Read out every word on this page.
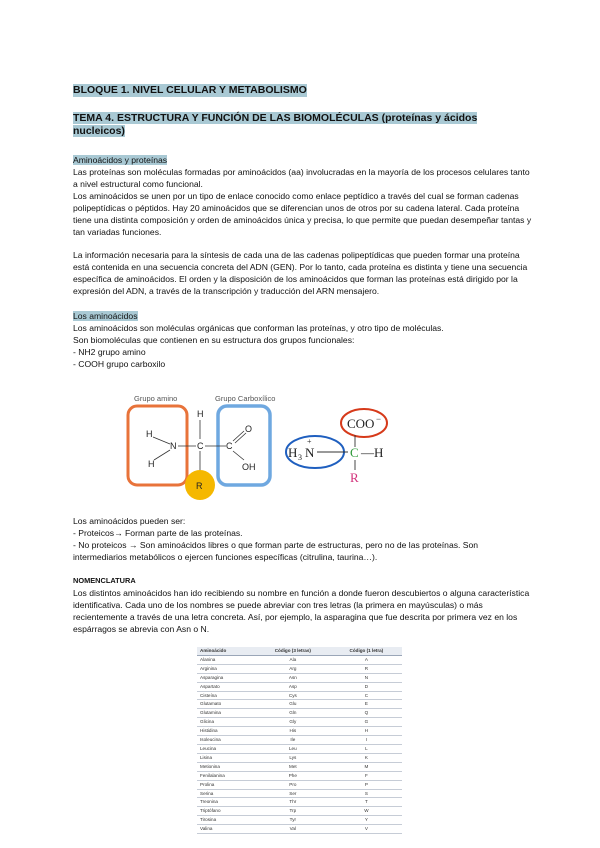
BLOQUE 1. NIVEL CELULAR Y METABOLISMO
TEMA 4. ESTRUCTURA Y FUNCIÓN DE LAS BIOMOLÉCULAS (proteínas y ácidos nucleicos)
Aminoácidos y proteínas

Las proteínas son moléculas formadas por aminoácidos (aa) involucradas en la mayoría de los procesos celulares tanto a nivel estructural como funcional.

Los aminoácidos se unen por un tipo de enlace conocido como enlace peptídico a través del cual se forman cadenas polipeptídicas o péptidos. Hay 20 aminoácidos que se diferencian unos de otros por su cadena lateral. Cada proteína tiene una distinta composición y orden de aminoácidos única y precisa, lo que permite que puedan desempeñar tantas y tan variadas funciones.

La información necesaria para la síntesis de cada una de las cadenas polipeptídicas que pueden formar una proteína está contenida en una secuencia concreta del ADN (GEN). Por lo tanto, cada proteína es distinta y tiene una secuencia específica de aminoácidos. El orden y la disposición de los aminoácidos que forman las proteínas está dirigido por la expresión del ADN, a través de la transcripción y traducción del ARN mensajero.

Los aminoácidos

Los aminoácidos son moléculas orgánicas que conforman las proteínas, y otro tipo de moléculas.

Son biomoléculas que contienen en su estructura dos grupos funcionales:

- NH2 grupo amino

- COOH grupo carboxilo

Grupo amino	Grupo Carboxílico
H
N
H
C
H
C
O
OH
R
COO −
H 3 N
+
C —H
R

Los aminoácidos pueden ser:

- Proteicos→ Forman parte de las proteínas.

- No proteicos → Son aminoácidos libres o que forman parte de estructuras, pero no de las proteínas. Son intermediarios metabólicos o ejercen funciones específicas (citrulina, taurina…).

NOMENCLATURA

Los distintos aminoácidos han ido recibiendo su nombre en función a donde fueron descubiertos o alguna característica identificativa. Cada uno de los nombres se puede abreviar con tres letras (la primera en mayúsculas) o más recientemente a través de una letra concreta. Así, por ejemplo, la asparagina que fue descrita por primera vez en los espárragos se abrevia con Asn o N.

Aminoácido	Código (3 letras)	Código (1 letra)
Alanina	Ala	A
Arginina	Arg	R
Asparagina	Asn	N
Aspartato	Asp	D
Cisteína	Cys	C
Glutamato	Glu	E
Glutamina	Gln	Q
Glicina	Gly	G
Histidina	His	H
Isoleucina	Ile	I
Leucina	Leu	L
Lisina	Lys	K
Metionina	Met	M
Fenilalanina	Phe	F
Prolina	Pro	P
Serina	Ser	S
Treonina	Thr	T
Triptófano	Trp	W
Tirosina	Tyr	Y
Valina	Val	V
